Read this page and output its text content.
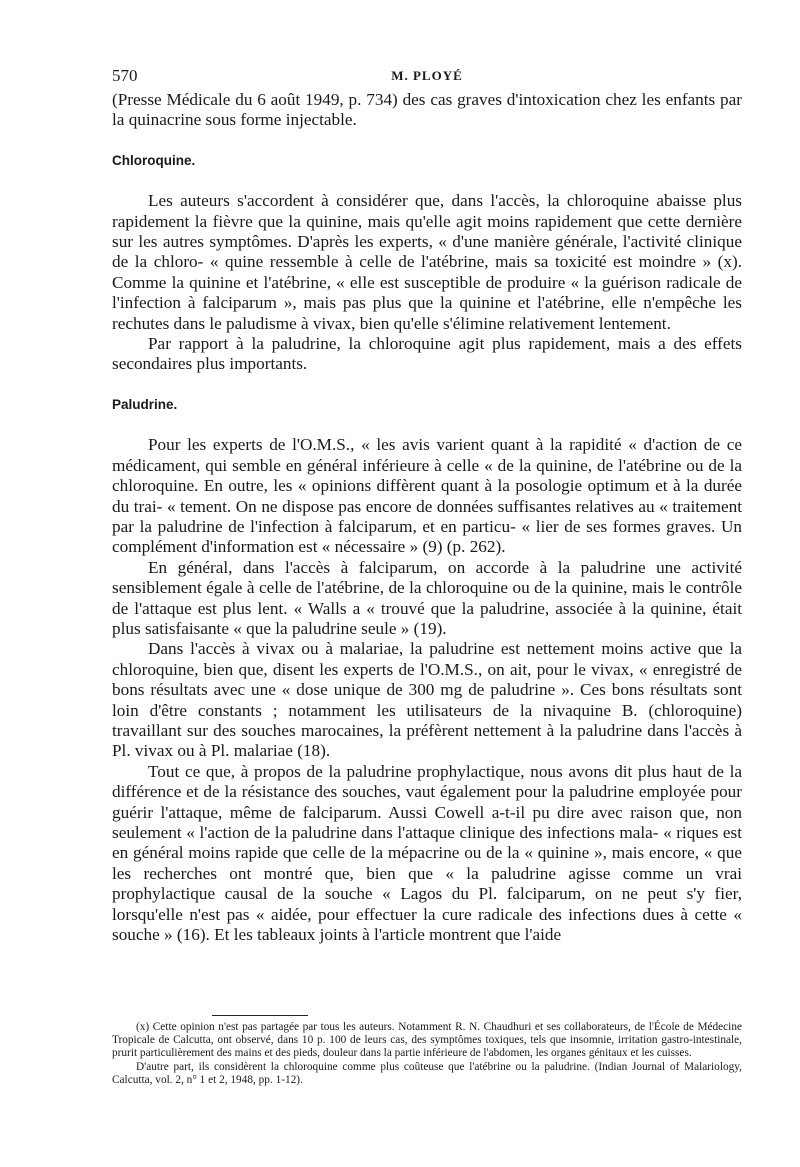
570	M. PLOYÉ

(Presse Médicale du 6 août 1949, p. 734) des cas graves d'intoxication chez les enfants par la quinacrine sous forme injectable.

Chloroquine.

Les auteurs s'accordent à considérer que, dans l'accès, la chloroquine abaisse plus rapidement la fièvre que la quinine, mais qu'elle agit moins rapidement que cette dernière sur les autres symptômes. D'après les experts, « d'une manière générale, l'activité clinique de la chloro- « quine ressemble à celle de l'atébrine, mais sa toxicité est moindre » (x). Comme la quinine et l'atébrine, « elle est susceptible de produire « la guérison radicale de l'infection à falciparum », mais pas plus que la quinine et l'atébrine, elle n'empêche les rechutes dans le paludisme à vivax, bien qu'elle s'élimine relativement lentement.

Par rapport à la paludrine, la chloroquine agit plus rapidement, mais a des effets secondaires plus importants.

Paludrine.

Pour les experts de l'O.M.S., « les avis varient quant à la rapidité « d'action de ce médicament, qui semble en général inférieure à celle « de la quinine, de l'atébrine ou de la chloroquine. En outre, les « opinions diffèrent quant à la posologie optimum et à la durée du trai- « tement. On ne dispose pas encore de données suffisantes relatives au « traitement par la paludrine de l'infection à falciparum, et en particu- « lier de ses formes graves. Un complément d'information est « nécessaire » (9) (p. 262).

En général, dans l'accès à falciparum, on accorde à la paludrine une activité sensiblement égale à celle de l'atébrine, de la chloroquine ou de la quinine, mais le contrôle de l'attaque est plus lent. « Walls a « trouvé que la paludrine, associée à la quinine, était plus satisfaisante « que la paludrine seule » (19).

Dans l'accès à vivax ou à malariae, la paludrine est nettement moins active que la chloroquine, bien que, disent les experts de l'O.M.S., on ait, pour le vivax, « enregistré de bons résultats avec une « dose unique de 300 mg de paludrine ». Ces bons résultats sont loin d'être constants ; notamment les utilisateurs de la nivaquine B. (chloroquine) travaillant sur des souches marocaines, la préfèrent nettement à la paludrine dans l'accès à Pl. vivax ou à Pl. malariae (18).

Tout ce que, à propos de la paludrine prophylactique, nous avons dit plus haut de la différence et de la résistance des souches, vaut également pour la paludrine employée pour guérir l'attaque, même de falciparum. Aussi Cowell a-t-il pu dire avec raison que, non seulement « l'action de la paludrine dans l'attaque clinique des infections mala- « riques est en général moins rapide que celle de la mépacrine ou de la « quinine », mais encore, « que les recherches ont montré que, bien que « la paludrine agisse comme un vrai prophylactique causal de la souche « Lagos du Pl. falciparum, on ne peut s'y fier, lorsqu'elle n'est pas « aidée, pour effectuer la cure radicale des infections dues à cette « souche » (16). Et les tableaux joints à l'article montrent que l'aide

(x) Cette opinion n'est pas partagée par tous les auteurs. Notamment R. N. Chaudhuri et ses collaborateurs, de l'École de Médecine Tropicale de Calcutta, ont observé, dans 10 p. 100 de leurs cas, des symptômes toxiques, tels que insomnie, irritation gastro-intestinale, prurit particulièrement des mains et des pieds, douleur dans la partie inférieure de l'abdomen, les organes génitaux et les cuisses.

D'autre part, ils considèrent la chloroquine comme plus coûteuse que l'atébrine ou la paludrine. (Indian Journal of Malariology, Calcutta, vol. 2, n° 1 et 2, 1948, pp. 1-12).
